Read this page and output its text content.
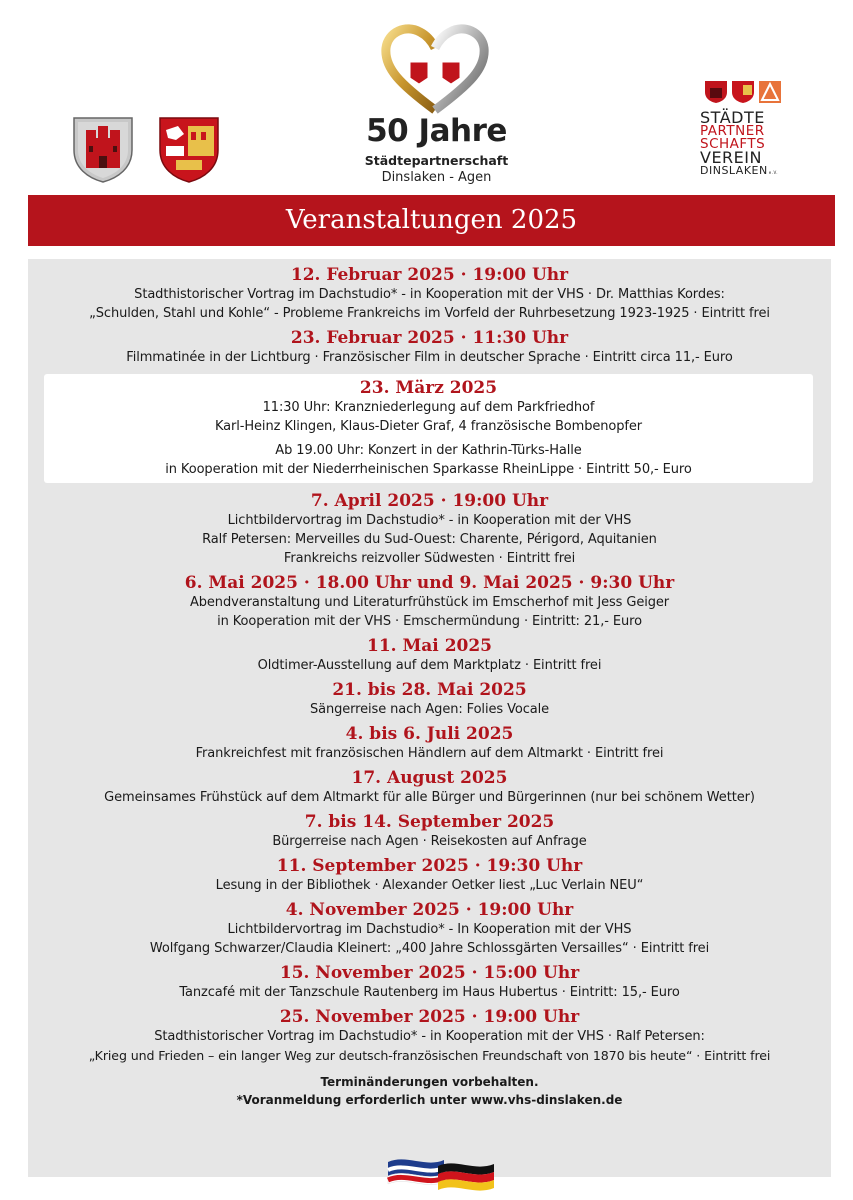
50 Jahre
Städtepartnerschaft
Dinslaken - Agen
STÄDTE
PARTNER
SCHAFTS
VEREIN
DINSLAKENe.V.
Veranstaltungen 2025
12. Februar 2025 · 19:00 Uhr
Stadthistorischer Vortrag im Dachstudio* - in Kooperation mit der VHS · Dr. Matthias Kordes:
„Schulden, Stahl und Kohle“ - Probleme Frankreichs im Vorfeld der Ruhrbesetzung 1923-1925 · Eintritt frei
23. Februar 2025 · 11:30 Uhr
Filmmatinée in der Lichtburg · Französischer Film in deutscher Sprache · Eintritt circa 11,- Euro
23. März 2025
11:30 Uhr: Kranzniederlegung auf dem Parkfriedhof
Karl-Heinz Klingen, Klaus-Dieter Graf, 4 französische Bombenopfer
Ab 19.00 Uhr: Konzert in der Kathrin-Türks-Halle
in Kooperation mit der Niederrheinischen Sparkasse RheinLippe · Eintritt 50,- Euro
7. April 2025 · 19:00 Uhr
Lichtbildervortrag im Dachstudio* - in Kooperation mit der VHS
Ralf Petersen: Merveilles du Sud-Ouest: Charente, Périgord, Aquitanien
Frankreichs reizvoller Südwesten · Eintritt frei
6. Mai 2025 · 18.00 Uhr und 9. Mai 2025 · 9:30 Uhr
Abendveranstaltung und Literaturfrühstück im Emscherhof mit Jess Geiger
in Kooperation mit der VHS · Emschermündung · Eintritt: 21,- Euro
11. Mai 2025
Oldtimer-Ausstellung auf dem Marktplatz · Eintritt frei
21. bis 28. Mai 2025
Sängerreise nach Agen: Folies Vocale
4. bis 6. Juli 2025
Frankreichfest mit französischen Händlern auf dem Altmarkt · Eintritt frei
17. August 2025
Gemeinsames Frühstück auf dem Altmarkt für alle Bürger und Bürgerinnen (nur bei schönem Wetter)
7. bis 14. September 2025
Bürgerreise nach Agen · Reisekosten auf Anfrage
11. September 2025 · 19:30 Uhr
Lesung in der Bibliothek · Alexander Oetker liest „Luc Verlain NEU“
4. November 2025 · 19:00 Uhr
Lichtbildervortrag im Dachstudio* - In Kooperation mit der VHS
Wolfgang Schwarzer/Claudia Kleinert: „400 Jahre Schlossgärten Versailles“ · Eintritt frei
15. November 2025 · 15:00 Uhr
Tanzcafé mit der Tanzschule Rautenberg im Haus Hubertus · Eintritt: 15,- Euro
25. November 2025 · 19:00 Uhr
Stadthistorischer Vortrag im Dachstudio* - in Kooperation mit der VHS · Ralf Petersen:
„Krieg und Frieden – ein langer Weg zur deutsch-französischen Freundschaft von 1870 bis heute“ · Eintritt frei
Terminänderungen vorbehalten.
*Voranmeldung erforderlich unter www.vhs-dinslaken.de
